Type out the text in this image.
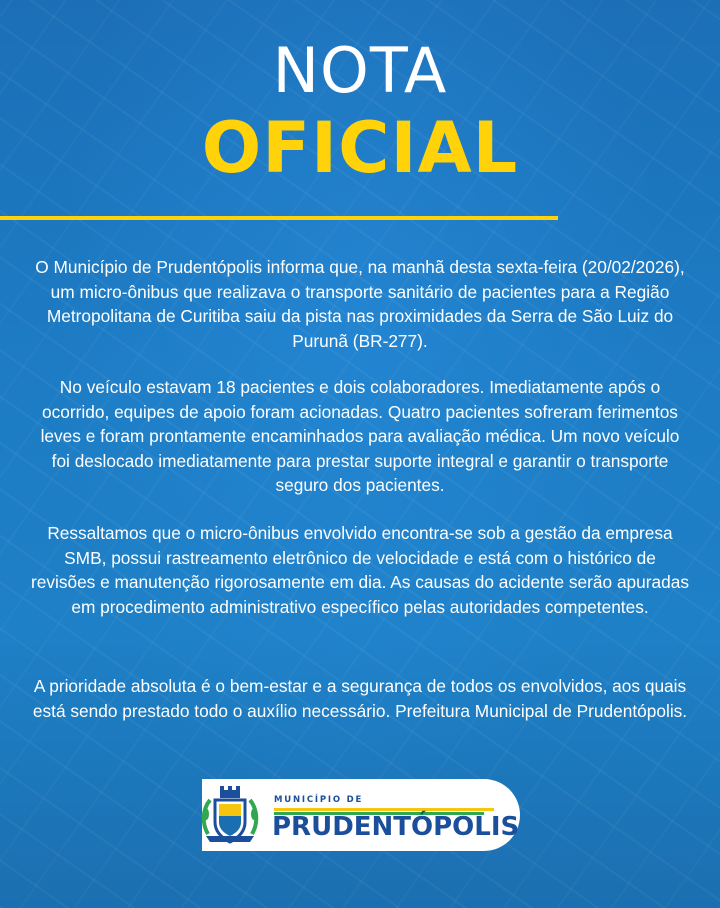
NOTA
OFICIAL
O Município de Prudentópolis informa que, na manhã desta sexta-feira (20/02/2026), um micro-ônibus que realizava o transporte sanitário de pacientes para a Região Metropolitana de Curitiba saiu da pista nas proximidades da Serra de São Luiz do Purunã (BR-277).
No veículo estavam 18 pacientes e dois colaboradores. Imediatamente após o ocorrido, equipes de apoio foram acionadas. Quatro pacientes sofreram ferimentos leves e foram prontamente encaminhados para avaliação médica. Um novo veículo foi deslocado imediatamente para prestar suporte integral e garantir o transporte seguro dos pacientes.
Ressaltamos que o micro-ônibus envolvido encontra-se sob a gestão da empresa SMB, possui rastreamento eletrônico de velocidade e está com o histórico de revisões e manutenção rigorosamente em dia. As causas do acidente serão apuradas em procedimento administrativo específico pelas autoridades competentes.
A prioridade absoluta é o bem-estar e a segurança de todos os envolvidos, aos quais está sendo prestado todo o auxílio necessário. Prefeitura Municipal de Prudentópolis.
MUNICÍPIO DE
PRUDENTÓPOLIS
